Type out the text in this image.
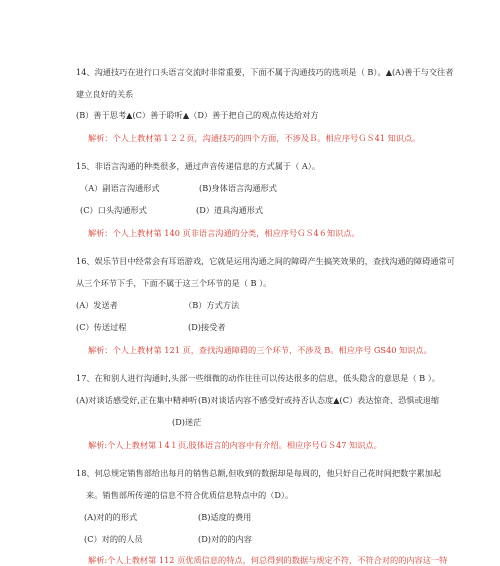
14、沟通技巧在进行口头语言交流时非常重要，下面不属于沟通技巧的选项是（ B）。▲(A)善于与交往者
建立良好的关系
(B）善于思考▲(C）善于聆听▲（D）善于把自己的观点传达给对方
解析：个人上教材第１２２页，沟通技巧的四个方面，不涉及Ｂ。相应序号ＧＳ41 知识点。
15、非语言沟通的种类很多，通过声音传递信息的方式属于（ A）。
（A）副语言沟通形式	(B)身体语言沟通形式
(C）口头沟通形式	(D）道具沟通形式
解析：个人上教材第 140 页非语言沟通的分类，相应序号ＧＳ4６知识点。
16、娱乐节目中经常会有耳语游戏，它就是运用沟通之间的障碍产生搞笑效果的，查找沟通的障碍通常可
从三个环节下手，下面不属于这三个环节的是（ B ）。
(A）发送者	（B）方式方法
(C）传送过程	(D)接受者
解析：个人上教材第 121 页，查找沟通障碍的三个环节，不涉及 B。相应序号 GS40 知识点。
17、在和别人进行沟通时,头部一些细微的动作往往可以传达很多的信息，低头隐含的意思是（ B ）。
(A)对谈话感受好,正在集中精神听 (B)对谈话内容不感受好或持否认态度▲(C）表达惊奇、恐惧或退缩
(D)迷茫
解析:个人上教材第１4１页,肢体语言的内容中有介绍。相应序号ＧＳ47 知识点。
18、何总规定销售部给出每月的销售总额,但收到的数据却是每周的，他只好自己花时间把数字累加起
来。销售部所传递的信息不符合优质信息特点中的（D）。
(A)对的的形式	(B)适度的费用
(C）对的的人员	(D)对的的内容
解析:个人上教材第 112 页优质信息的特点，何总得到的数据与规定不符，不符合对的的内容这一特
